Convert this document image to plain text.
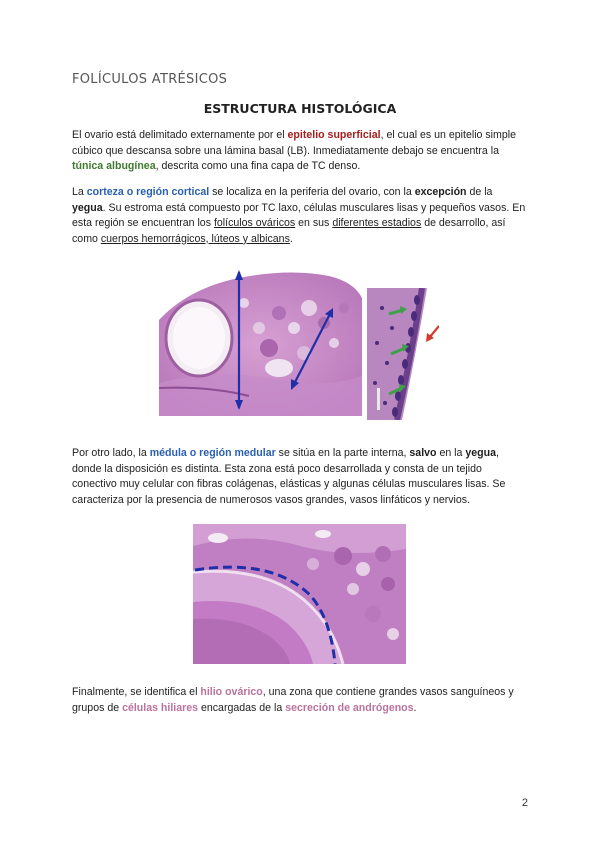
FOLÍCULOS ATRÉSICOS
ESTRUCTURA HISTOLÓGICA
El ovario está delimitado externamente por el epitelio superficial, el cual es un epitelio simple cúbico que descansa sobre una lámina basal (LB). Inmediatamente debajo se encuentra la túnica albugínea, descrita como una fina capa de TC denso.
La corteza o región cortical se localiza en la periferia del ovario, con la excepción de la yegua. Su estroma está compuesto por TC laxo, células musculares lisas y pequeños vasos. En esta región se encuentran los folículos ováricos en sus diferentes estadios de desarrollo, así como cuerpos hemorrágicos, lúteos y albicans.
Por otro lado, la médula o región medular se sitúa en la parte interna, salvo en la yegua, donde la disposición es distinta. Esta zona está poco desarrollada y consta de un tejido conectivo muy celular con fibras colágenas, elásticas y algunas células musculares lisas. Se caracteriza por la presencia de numerosos vasos grandes, vasos linfáticos y nervios.
Finalmente, se identifica el hilio ovárico, una zona que contiene grandes vasos sanguíneos y grupos de células hiliares encargadas de la secreción de andrógenos.
2
